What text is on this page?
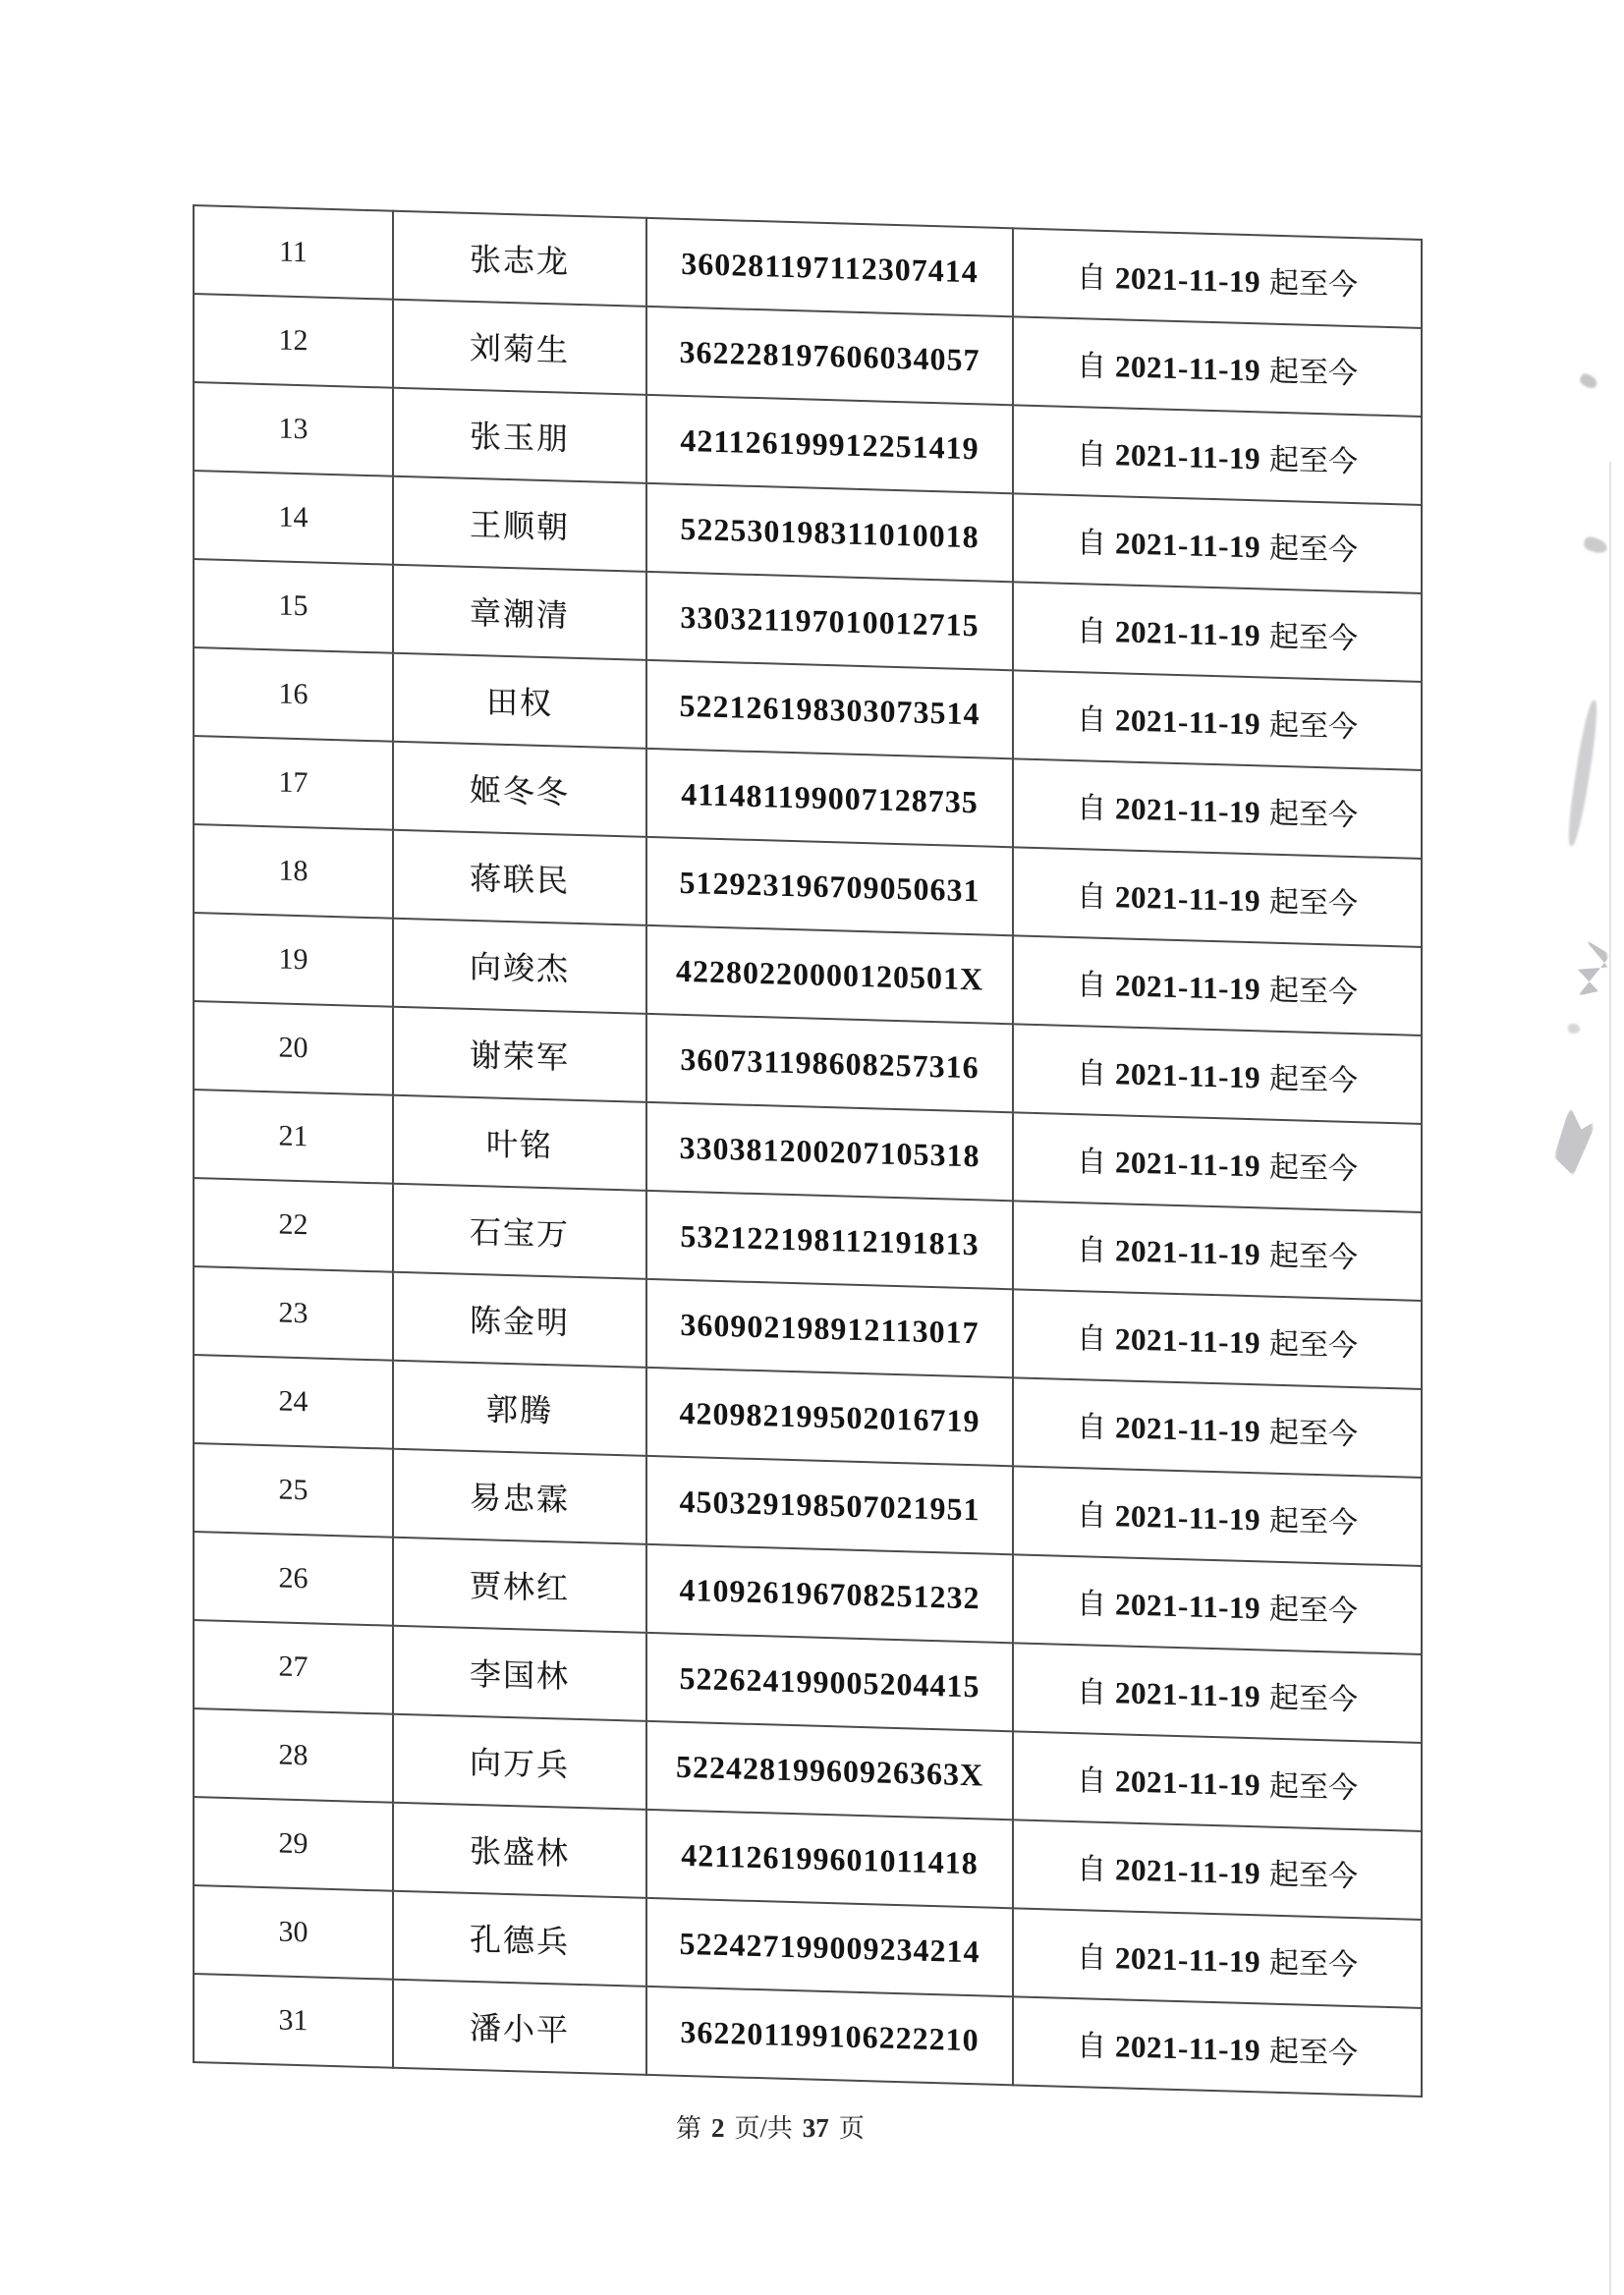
11	张志龙	360281197112307414	自 2021-11-19 起至今
12	刘菊生	362228197606034057	自 2021-11-19 起至今
13	张玉朋	421126199912251419	自 2021-11-19 起至今
14	王顺朝	522530198311010018	自 2021-11-19 起至今
15	章潮清	330321197010012715	自 2021-11-19 起至今
16	田权	522126198303073514	自 2021-11-19 起至今
17	姬冬冬	411481199007128735	自 2021-11-19 起至今
18	蒋联民	512923196709050631	自 2021-11-19 起至今
19	向竣杰	42280220000120501X	自 2021-11-19 起至今
20	谢荣军	360731198608257316	自 2021-11-19 起至今
21	叶铭	330381200207105318	自 2021-11-19 起至今
22	石宝万	532122198112191813	自 2021-11-19 起至今
23	陈金明	360902198912113017	自 2021-11-19 起至今
24	郭腾	420982199502016719	自 2021-11-19 起至今
25	易忠霖	450329198507021951	自 2021-11-19 起至今
26	贾林红	410926196708251232	自 2021-11-19 起至今
27	李国林	522624199005204415	自 2021-11-19 起至今
28	向万兵	52242819960926363X	自 2021-11-19 起至今
29	张盛林	421126199601011418	自 2021-11-19 起至今
30	孔德兵	522427199009234214	自 2021-11-19 起至今
31	潘小平	362201199106222210	自 2021-11-19 起至今
第 2 页/共 37 页
